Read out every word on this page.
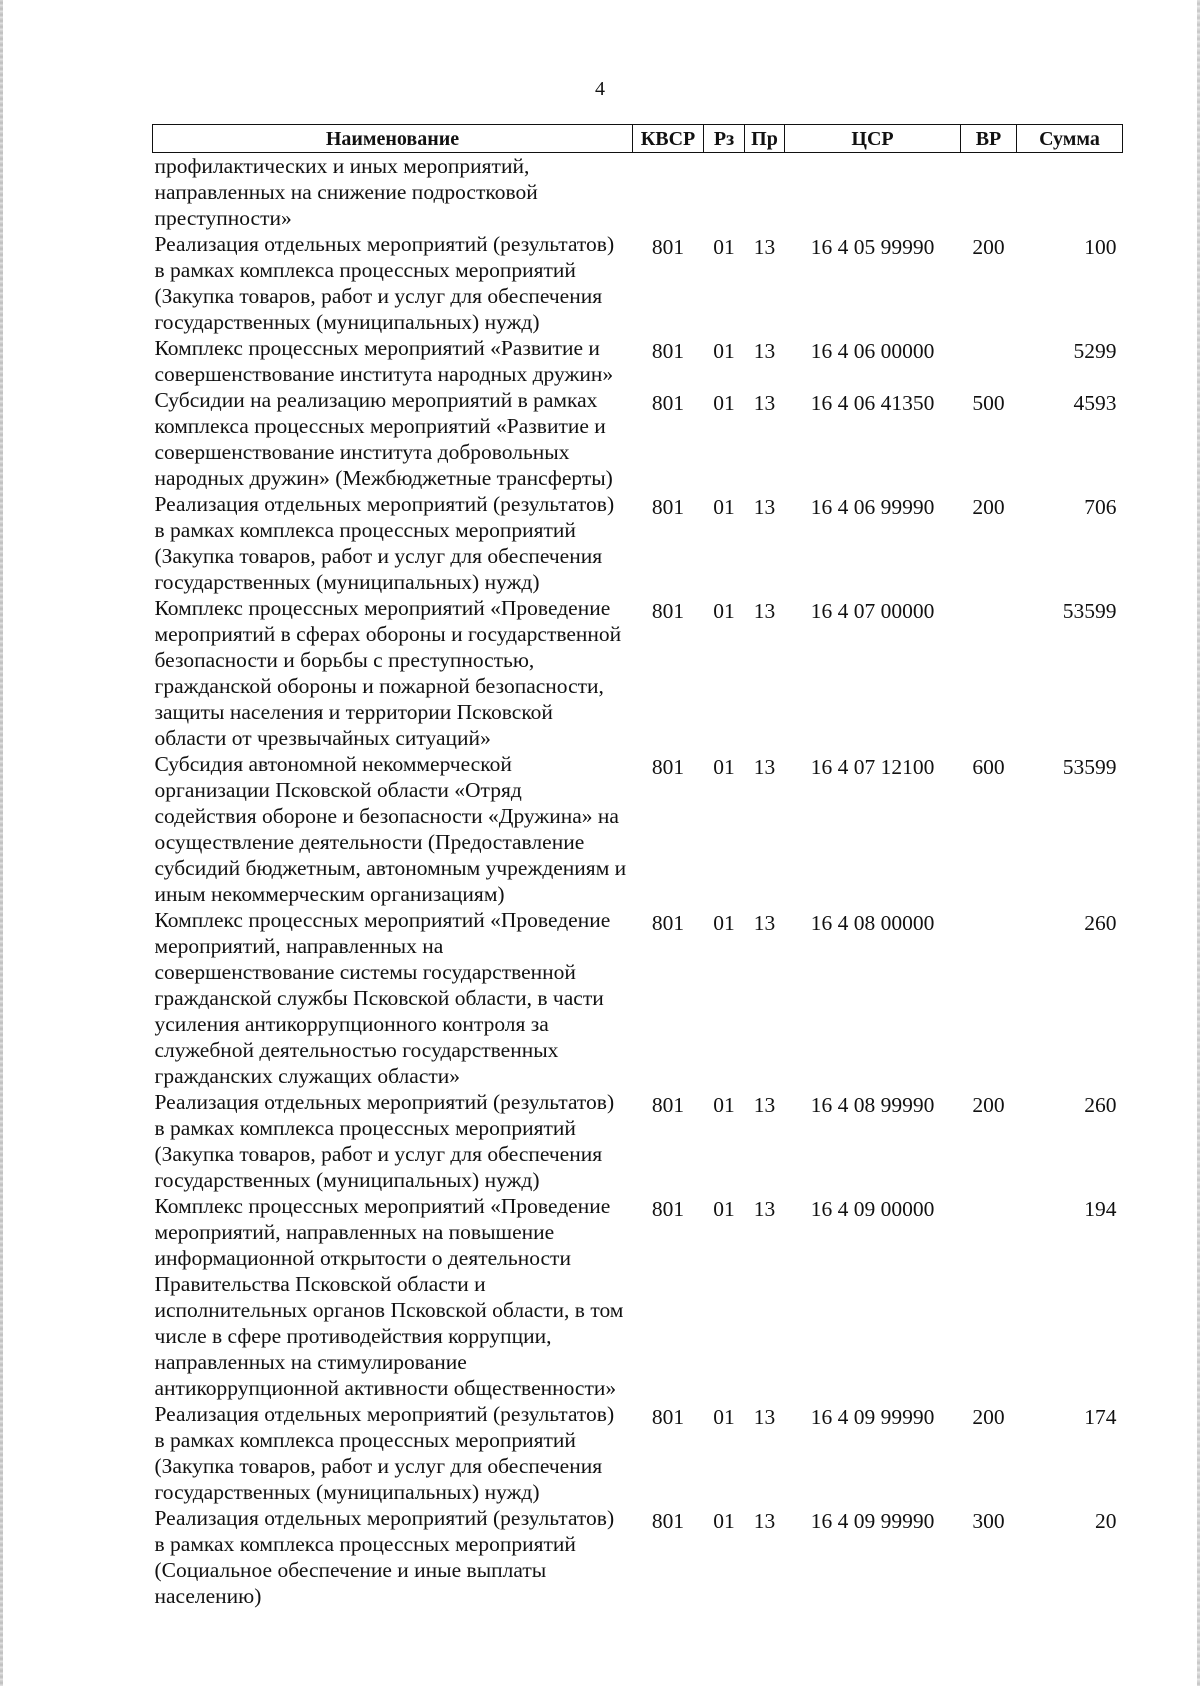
4
Наименование	КВСР	Рз	Пр	ЦСР	ВР	Сумма
профилактических и иных мероприятий, направленных на снижение подростковой преступности»						
Реализация отдельных мероприятий (результатов) в рамках комплекса процессных мероприятий (Закупка товаров, работ и услуг для обеспечения государственных (муниципальных) нужд)	801	01	13	16 4 05 99990	200	100
Комплекс процессных мероприятий «Развитие и совершенствование института народных дружин»	801	01	13	16 4 06 00000		5299
Субсидии на реализацию мероприятий в рамках комплекса процессных мероприятий «Развитие и совершенствование института добровольных народных дружин» (Межбюджетные трансферты)	801	01	13	16 4 06 41350	500	4593
Реализация отдельных мероприятий (результатов) в рамках комплекса процессных мероприятий (Закупка товаров, работ и услуг для обеспечения государственных (муниципальных) нужд)	801	01	13	16 4 06 99990	200	706
Комплекс процессных мероприятий «Проведение мероприятий в сферах обороны и государственной безопасности и борьбы с преступностью, гражданской обороны и пожарной безопасности, защиты населения и территории Псковской области от чрезвычайных ситуаций»	801	01	13	16 4 07 00000		53599
Субсидия автономной некоммерческой организации Псковской области «Отряд содействия обороне и безопасности «Дружина» на осуществление деятельности (Предоставление субсидий бюджетным, автономным учреждениям и иным некоммерческим организациям)	801	01	13	16 4 07 12100	600	53599
Комплекс процессных мероприятий «Проведение мероприятий, направленных на совершенствование системы государственной гражданской службы Псковской области, в части усиления антикоррупционного контроля за служебной деятельностью государственных гражданских служащих области»	801	01	13	16 4 08 00000		260
Реализация отдельных мероприятий (результатов) в рамках комплекса процессных мероприятий (Закупка товаров, работ и услуг для обеспечения государственных (муниципальных) нужд)	801	01	13	16 4 08 99990	200	260
Комплекс процессных мероприятий «Проведение мероприятий, направленных на повышение информационной открытости о деятельности Правительства Псковской области и исполнительных органов Псковской области, в том числе в сфере противодействия коррупции, направленных на стимулирование антикоррупционной активности общественности»	801	01	13	16 4 09 00000		194
Реализация отдельных мероприятий (результатов) в рамках комплекса процессных мероприятий (Закупка товаров, работ и услуг для обеспечения государственных (муниципальных) нужд)	801	01	13	16 4 09 99990	200	174
Реализация отдельных мероприятий (результатов) в рамках комплекса процессных мероприятий (Социальное обеспечение и иные выплаты населению)	801	01	13	16 4 09 99990	300	20
